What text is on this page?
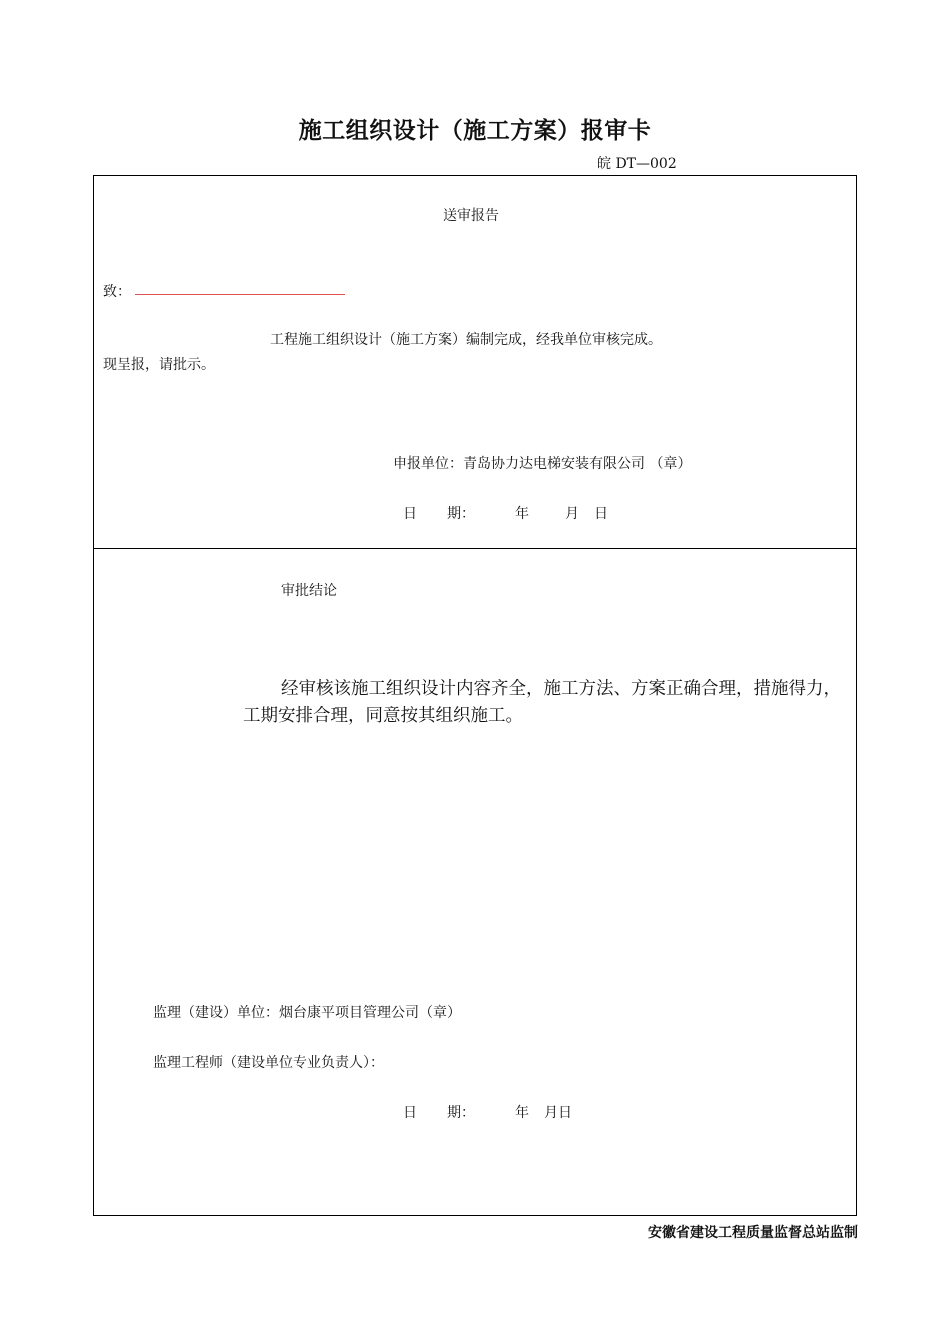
施工组织设计（施工方案）报审卡
皖 DT—002
送审报告
致：
工程施工组织设计（施工方案）编制完成，经我单位审核完成。
现呈报，请批示。
申报单位：青岛协力达电梯安装有限公司 （章）
日 期：	年	月 日
审批结论
经审核该施工组织设计内容齐全，施工方法、方案正确合理，措施得力，工期安排合理，同意按其组织施工。
监理（建设）单位：烟台康平项目管理公司（章）
监理工程师（建设单位专业负责人）：
日 期：	年 月日
安徽省建设工程质量监督总站监制
